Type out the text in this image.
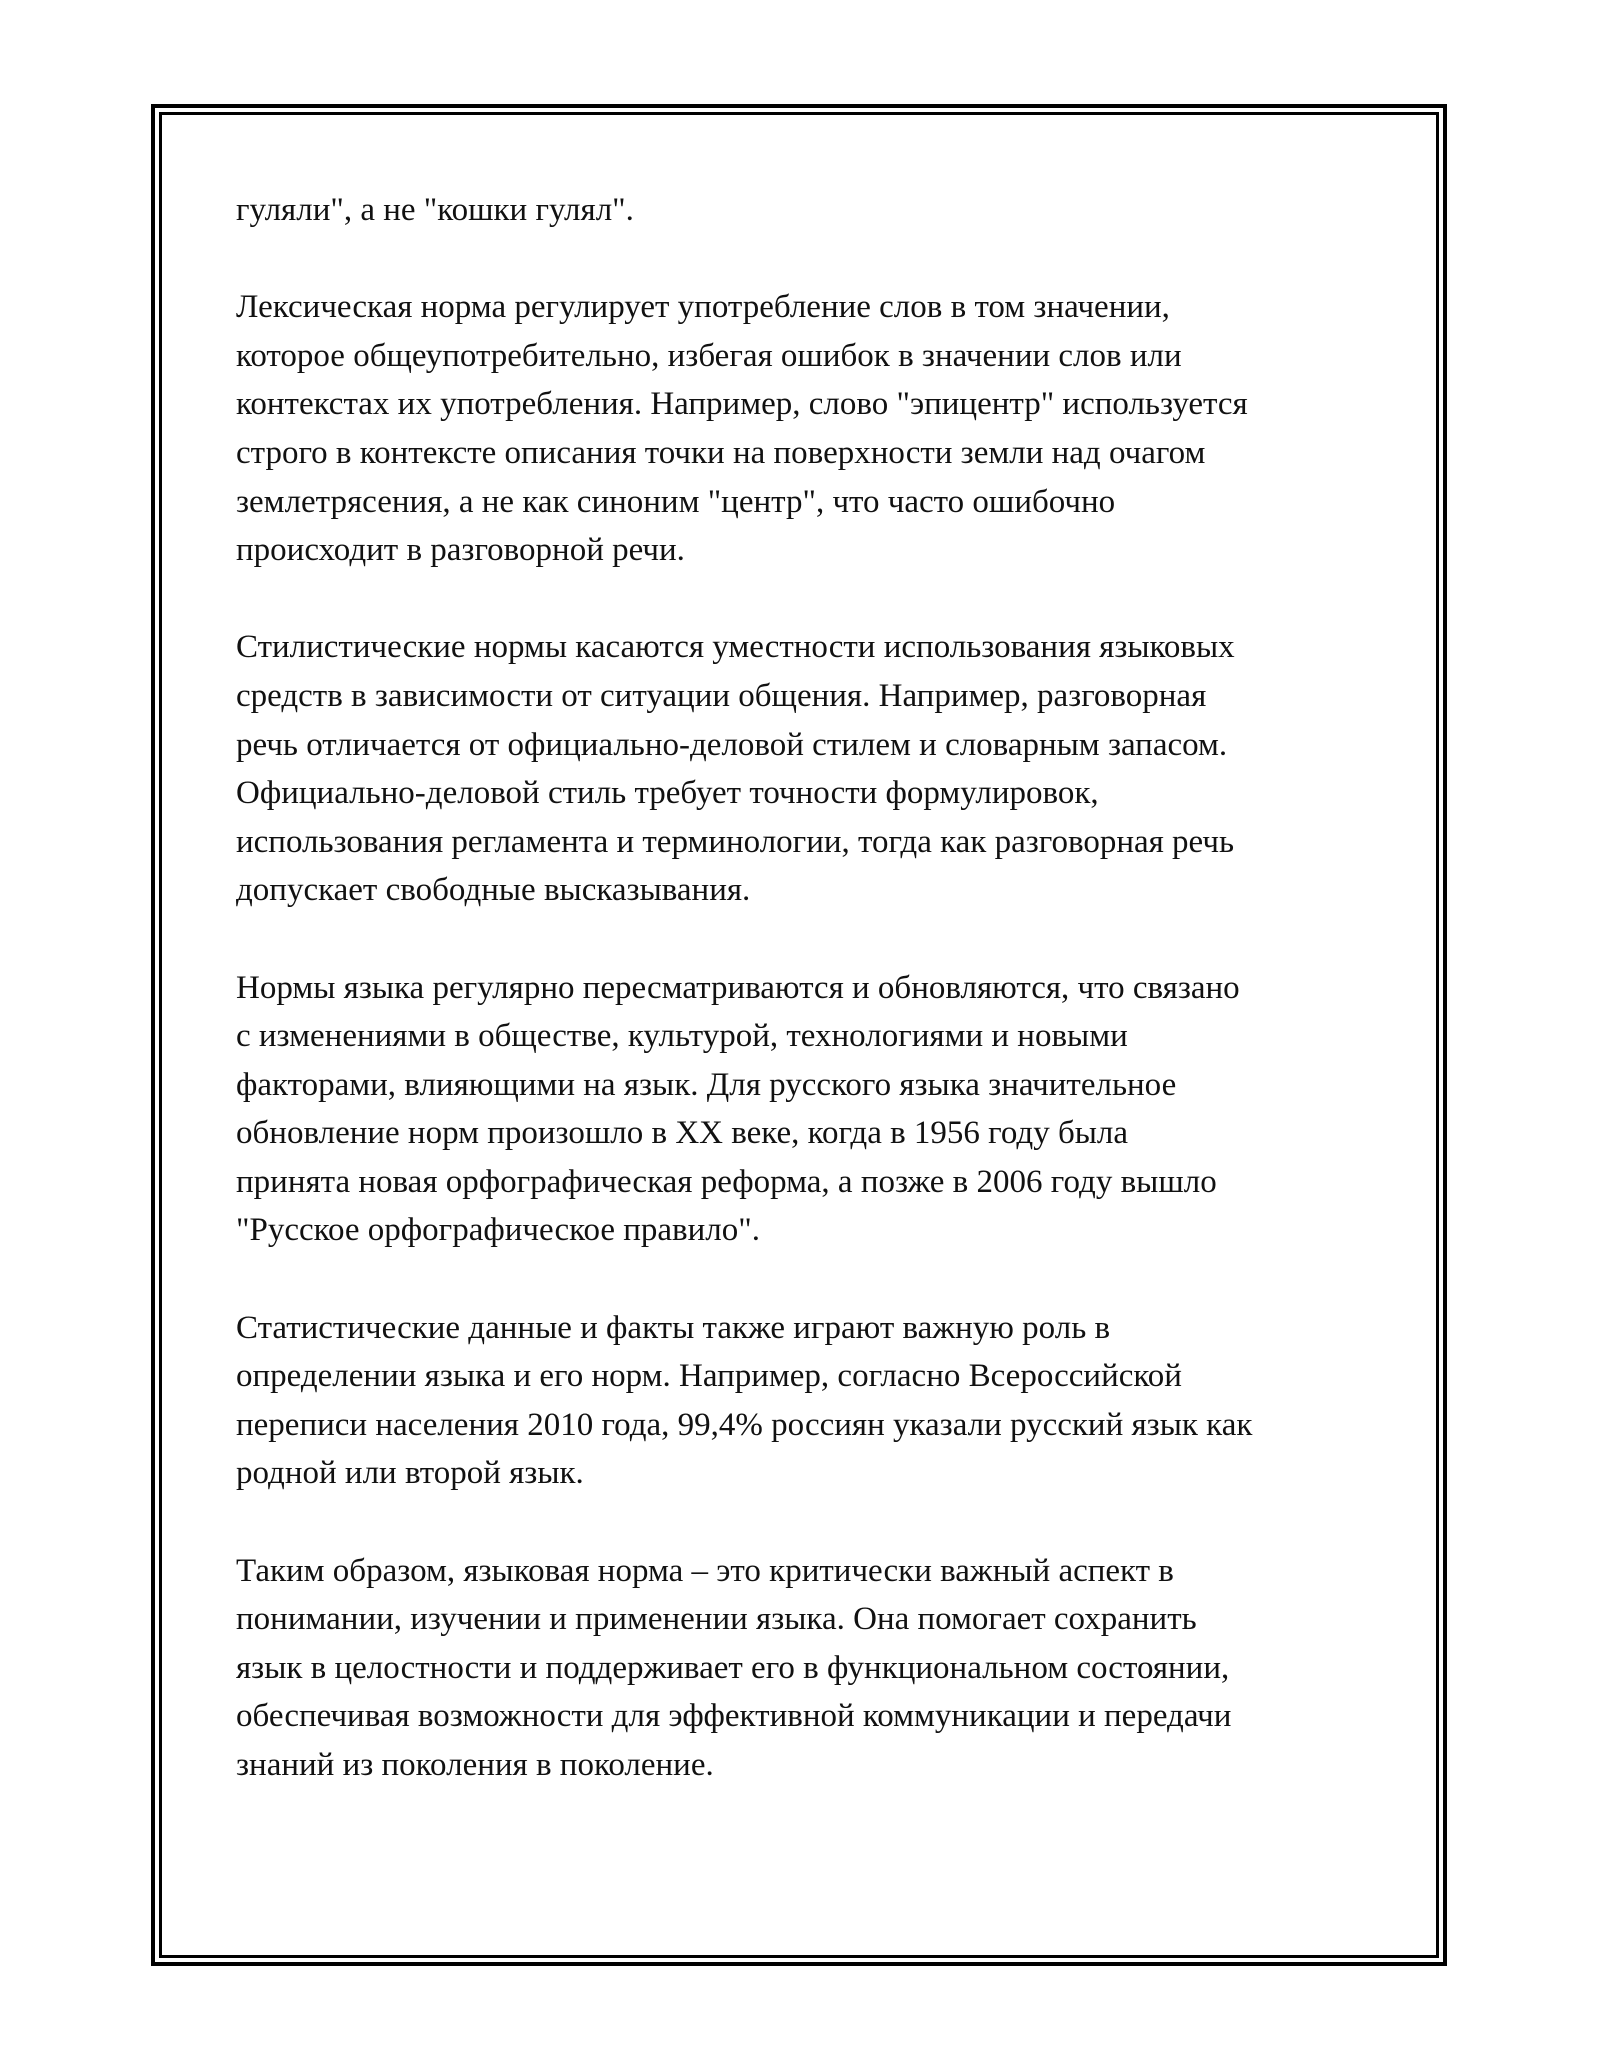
гуляли", а не "кошки гулял".

Лексическая норма регулирует употребление слов в том значении,
которое общеупотребительно, избегая ошибок в значении слов или
контекстах их употребления. Например, слово "эпицентр" используется
строго в контексте описания точки на поверхности земли над очагом
землетрясения, а не как синоним "центр", что часто ошибочно
происходит в разговорной речи.

Стилистические нормы касаются уместности использования языковых
средств в зависимости от ситуации общения. Например, разговорная
речь отличается от официально-деловой стилем и словарным запасом.
Официально-деловой стиль требует точности формулировок,
использования регламента и терминологии, тогда как разговорная речь
допускает свободные высказывания.

Нормы языка регулярно пересматриваются и обновляются, что связано
с изменениями в обществе, культурой, технологиями и новыми
факторами, влияющими на язык. Для русского языка значительное
обновление норм произошло в XX веке, когда в 1956 году была
принята новая орфографическая реформа, а позже в 2006 году вышло
"Русское орфографическое правило".

Статистические данные и факты также играют важную роль в
определении языка и его норм. Например, согласно Всероссийской
переписи населения 2010 года, 99,4% россиян указали русский язык как
родной или второй язык.

Таким образом, языковая норма – это критически важный аспект в
понимании, изучении и применении языка. Она помогает сохранить
язык в целостности и поддерживает его в функциональном состоянии,
обеспечивая возможности для эффективной коммуникации и передачи
знаний из поколения в поколение.
